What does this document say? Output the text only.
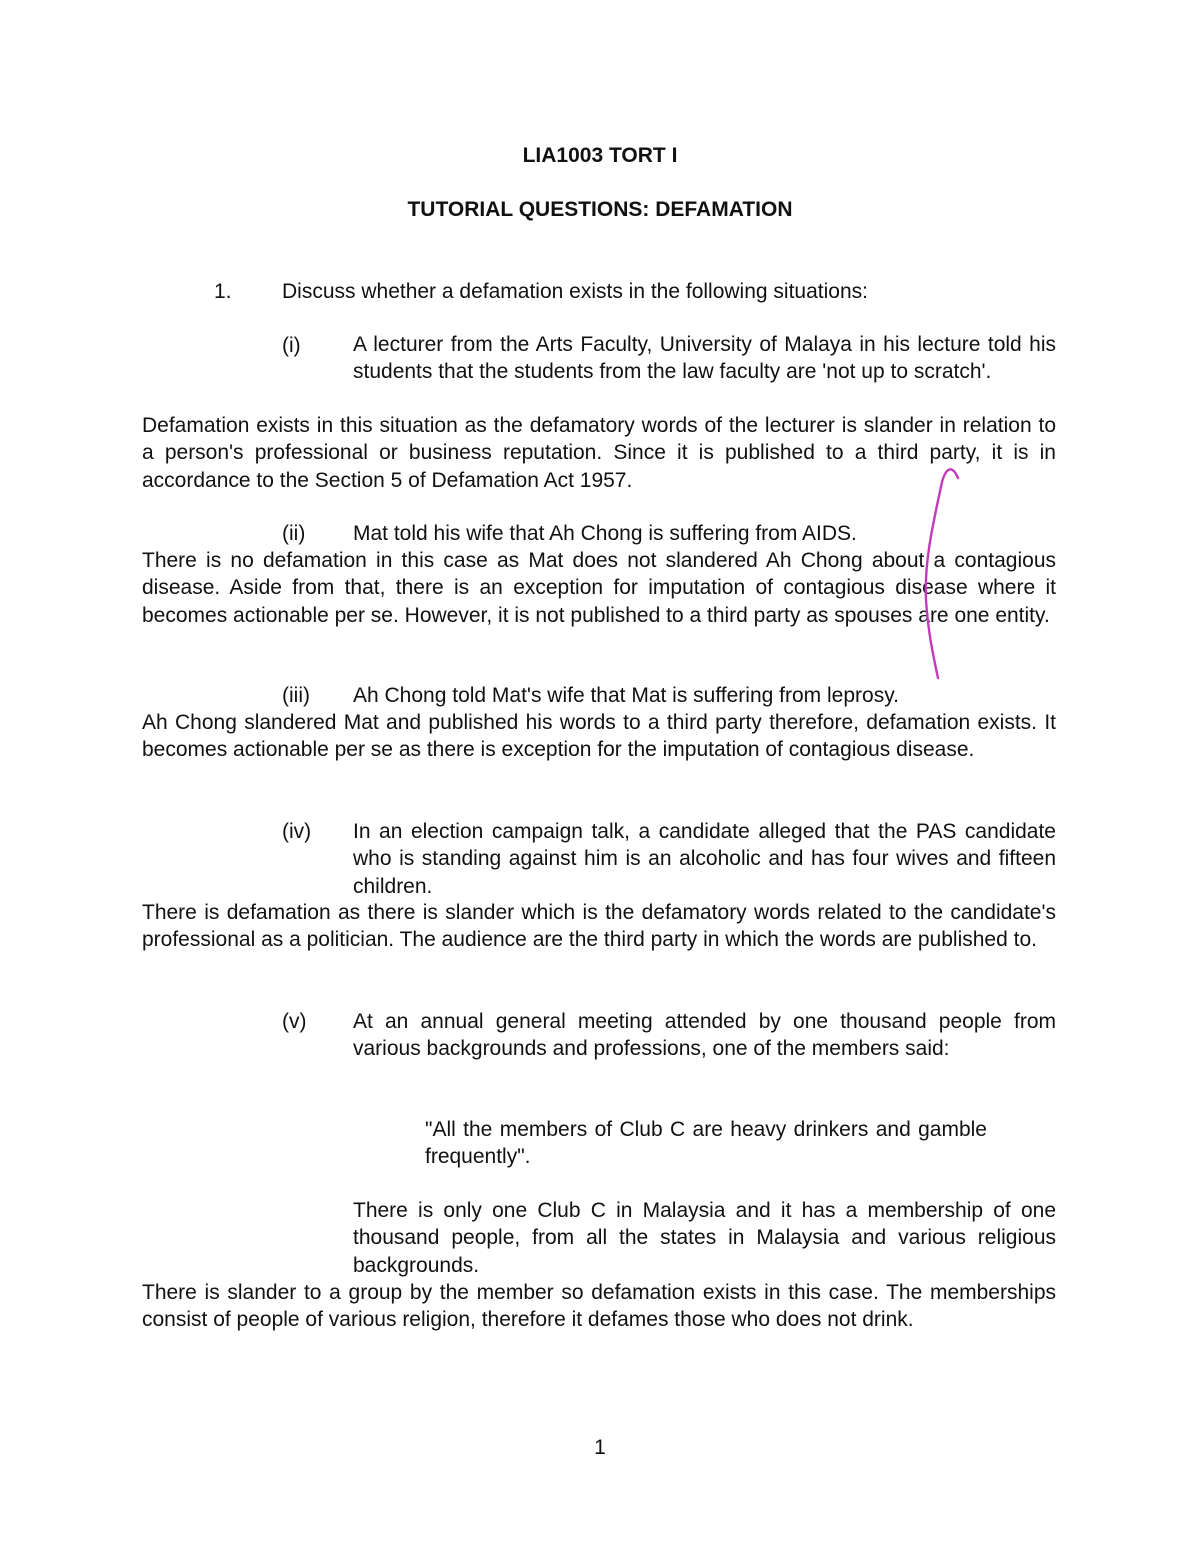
LIA1003 TORT I
TUTORIAL QUESTIONS: DEFAMATION
1. Discuss whether a defamation exists in the following situations:
(i) A lecturer from the Arts Faculty, University of Malaya in his lecture told his students that the students from the law faculty are 'not up to scratch'.
Defamation exists in this situation as the defamatory words of the lecturer is slander in relation to a person's professional or business reputation. Since it is published to a third party, it is in accordance to the Section 5 of Defamation Act 1957.
(ii) Mat told his wife that Ah Chong is suffering from AIDS.
There is no defamation in this case as Mat does not slandered Ah Chong about a contagious disease. Aside from that, there is an exception for imputation of contagious disease where it becomes actionable per se. However, it is not published to a third party as spouses are one entity.
(iii) Ah Chong told Mat's wife that Mat is suffering from leprosy.
Ah Chong slandered Mat and published his words to a third party therefore, defamation exists. It becomes actionable per se as there is exception for the imputation of contagious disease.
(iv) In an election campaign talk, a candidate alleged that the PAS candidate who is standing against him is an alcoholic and has four wives and fifteen children.
There is defamation as there is slander which is the defamatory words related to the candidate's professional as a politician. The audience are the third party in which the words are published to.
(v) At an annual general meeting attended by one thousand people from various backgrounds and professions, one of the members said:
"All the members of Club C are heavy drinkers and gamble frequently".
There is only one Club C in Malaysia and it has a membership of one thousand people, from all the states in Malaysia and various religious backgrounds.
There is slander to a group by the member so defamation exists in this case. The memberships consist of people of various religion, therefore it defames those who does not drink.
1
